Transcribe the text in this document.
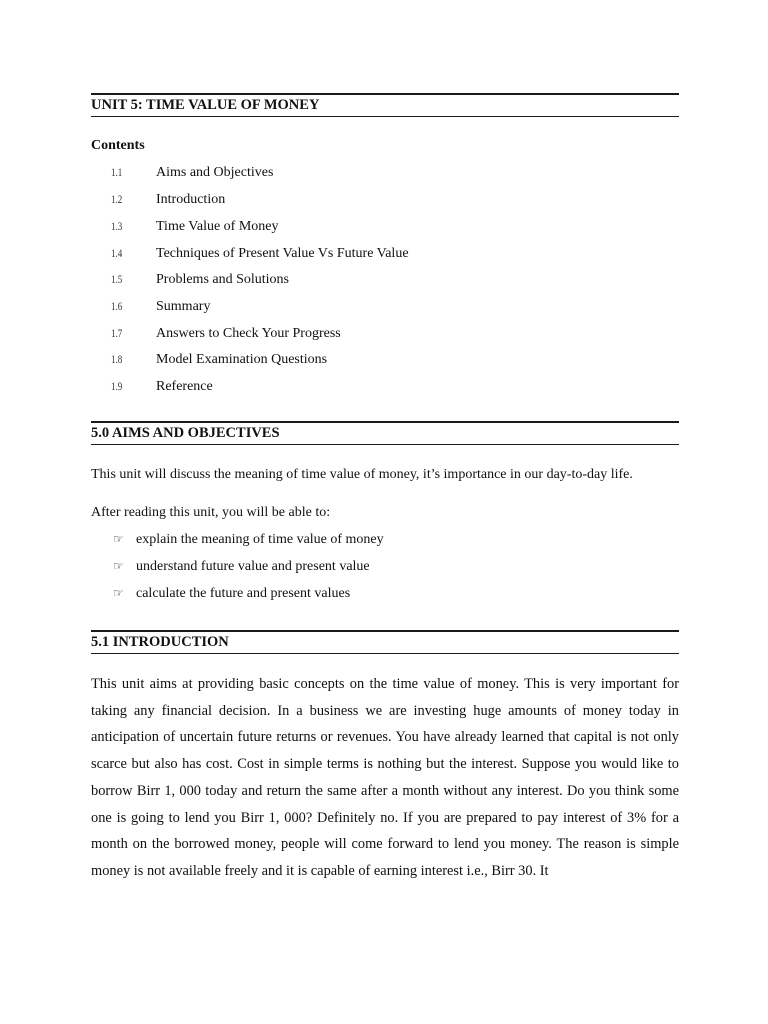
UNIT 5: TIME VALUE OF MONEY
Contents
1.1	Aims and Objectives
1.2	Introduction
1.3	Time Value of Money
1.4	Techniques of Present Value Vs Future Value
1.5	Problems and Solutions
1.6	Summary
1.7	Answers to Check Your Progress
1.8	Model Examination Questions
1.9	Reference
5.0 AIMS AND OBJECTIVES
This unit will discuss the meaning of time value of money, it’s importance in our day-to-day life.
After reading this unit, you will be able to:
☞ explain the meaning of time value of money
☞ understand future value and present value
☞ calculate the future and present values
5.1 INTRODUCTION

This unit aims at providing basic concepts on the time value of money. This is very important for taking any financial decision. In a business we are investing huge amounts of money today in anticipation of uncertain future returns or revenues. You have already learned that capital is not only scarce but also has cost. Cost in simple terms is nothing but the interest. Suppose you would like to borrow Birr 1, 000 today and return the same after a month without any interest. Do you think some one is going to lend you Birr 1, 000? Definitely no. If you are prepared to pay interest of 3% for a month on the borrowed money, people will come forward to lend you money. The reason is simple money is not available freely and it is capable of earning interest i.e., Birr 30. It
